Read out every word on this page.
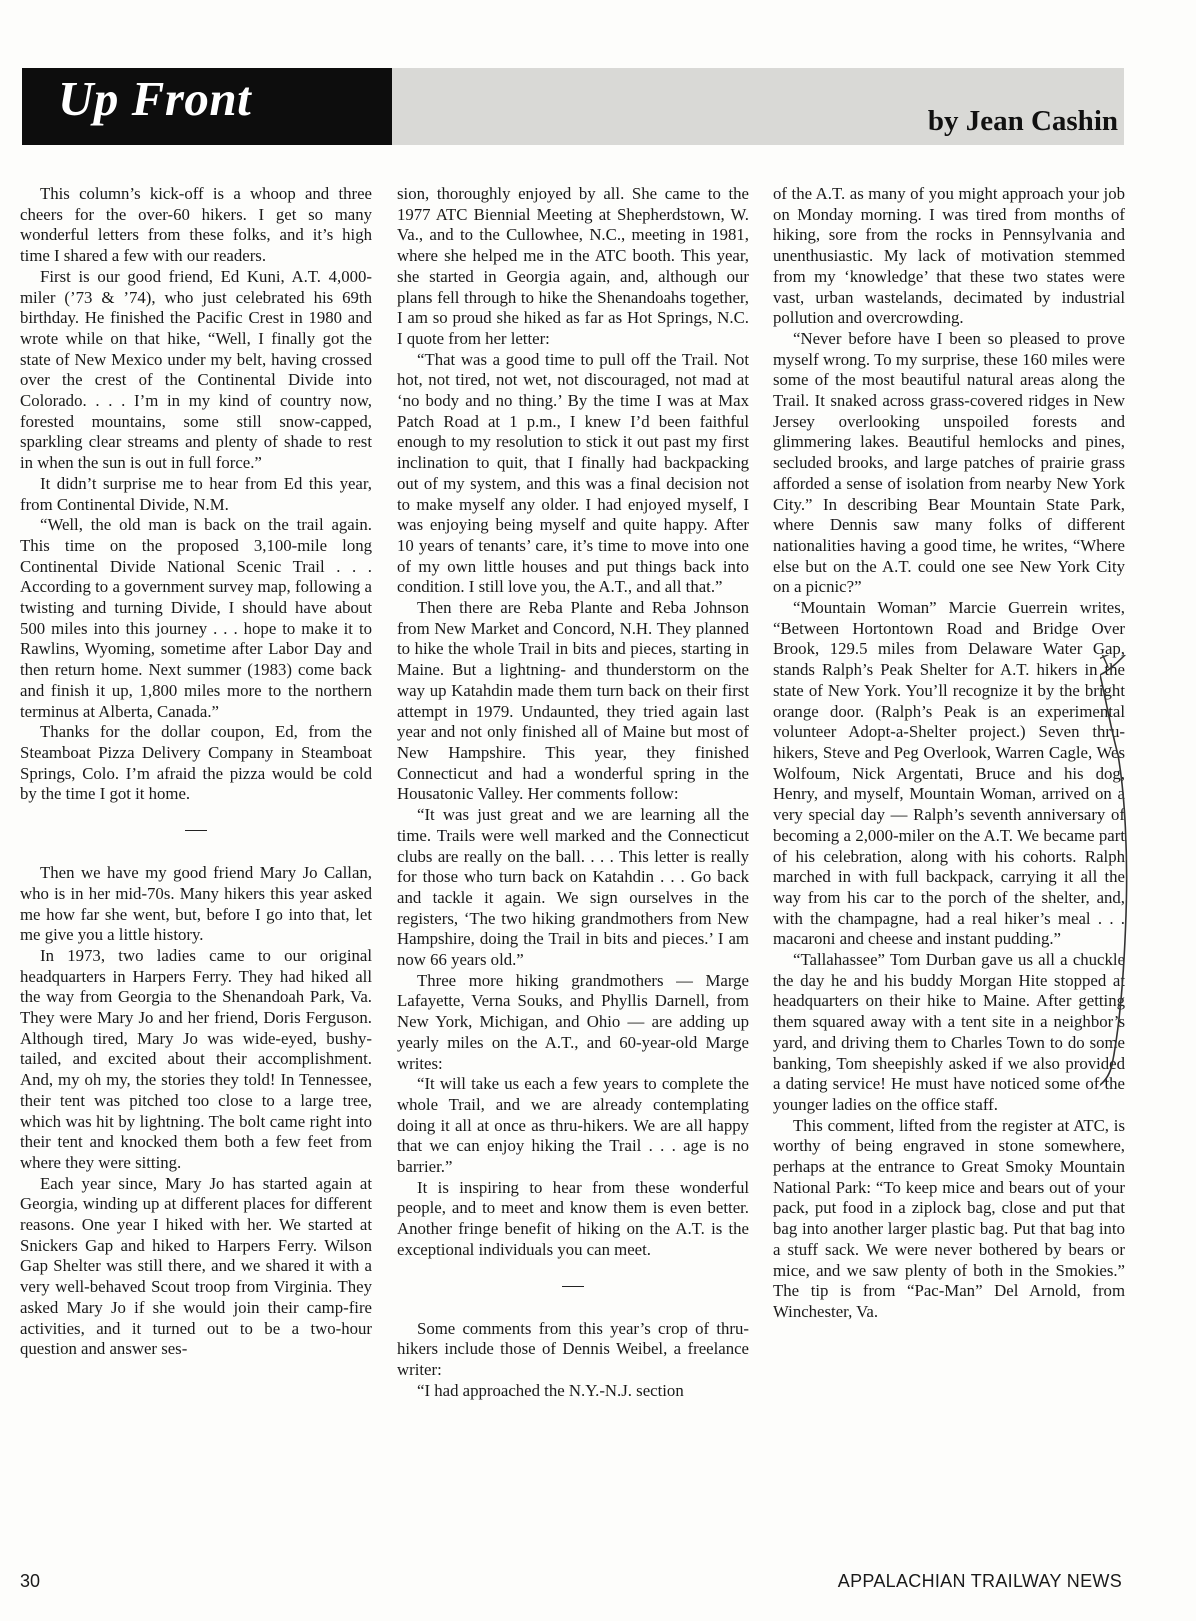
Up Front	by Jean Cashin

This column’s kick-off is a whoop and three cheers for the over-60 hikers. I get so many wonderful letters from these folks, and it’s high time I shared a few with our readers.

First is our good friend, Ed Kuni, A.T. 4,000-miler (’73 & ’74), who just celebrated his 69th birthday. He finished the Pacific Crest in 1980 and wrote while on that hike, “Well, I finally got the state of New Mexico under my belt, having crossed over the crest of the Continental Divide into Colorado. . . . I’m in my kind of country now, forested mountains, some still snow-capped, sparkling clear streams and plenty of shade to rest in when the sun is out in full force.”

It didn’t surprise me to hear from Ed this year, from Continental Divide, N.M.

“Well, the old man is back on the trail again. This time on the proposed 3,100-mile long Continental Divide National Scenic Trail . . . According to a government survey map, following a twisting and turning Divide, I should have about 500 miles into this journey . . . hope to make it to Rawlins, Wyoming, sometime after Labor Day and then return home. Next summer (1983) come back and finish it up, 1,800 miles more to the northern terminus at Alberta, Canada.”

Thanks for the dollar coupon, Ed, from the Steamboat Pizza Delivery Company in Steamboat Springs, Colo. I’m afraid the pizza would be cold by the time I got it home.

Then we have my good friend Mary Jo Callan, who is in her mid-70s. Many hikers this year asked me how far she went, but, before I go into that, let me give you a little history.

In 1973, two ladies came to our original headquarters in Harpers Ferry. They had hiked all the way from Georgia to the Shenandoah Park, Va. They were Mary Jo and her friend, Doris Ferguson. Although tired, Mary Jo was wide-eyed, bushy-tailed, and excited about their accomplishment. And, my oh my, the stories they told! In Tennessee, their tent was pitched too close to a large tree, which was hit by lightning. The bolt came right into their tent and knocked them both a few feet from where they were sitting.

Each year since, Mary Jo has started again at Georgia, winding up at different places for different reasons. One year I hiked with her. We started at Snickers Gap and hiked to Harpers Ferry. Wilson Gap Shelter was still there, and we shared it with a very well-behaved Scout troop from Virginia. They asked Mary Jo if she would join their camp-fire activities, and it turned out to be a two-hour question and answer ses-

sion, thoroughly enjoyed by all. She came to the 1977 ATC Biennial Meeting at Shepherdstown, W. Va., and to the Cullowhee, N.C., meeting in 1981, where she helped me in the ATC booth. This year, she started in Georgia again, and, although our plans fell through to hike the Shenandoahs together, I am so proud she hiked as far as Hot Springs, N.C. I quote from her letter:

“That was a good time to pull off the Trail. Not hot, not tired, not wet, not discouraged, not mad at ‘no body and no thing.’ By the time I was at Max Patch Road at 1 p.m., I knew I’d been faithful enough to my resolution to stick it out past my first inclination to quit, that I finally had backpacking out of my system, and this was a final decision not to make myself any older. I had enjoyed myself, I was enjoying being myself and quite happy. After 10 years of tenants’ care, it’s time to move into one of my own little houses and put things back into condition. I still love you, the A.T., and all that.”

Then there are Reba Plante and Reba Johnson from New Market and Concord, N.H. They planned to hike the whole Trail in bits and pieces, starting in Maine. But a lightning- and thunderstorm on the way up Katahdin made them turn back on their first attempt in 1979. Undaunted, they tried again last year and not only finished all of Maine but most of New Hampshire. This year, they finished Connecticut and had a wonderful spring in the Housatonic Valley. Her comments follow:

“It was just great and we are learning all the time. Trails were well marked and the Connecticut clubs are really on the ball. . . . This letter is really for those who turn back on Katahdin . . . Go back and tackle it again. We sign ourselves in the registers, ‘The two hiking grandmothers from New Hampshire, doing the Trail in bits and pieces.’ I am now 66 years old.”

Three more hiking grandmothers — Marge Lafayette, Verna Souks, and Phyllis Darnell, from New York, Michigan, and Ohio — are adding up yearly miles on the A.T., and 60-year-old Marge writes:

“It will take us each a few years to complete the whole Trail, and we are already contemplating doing it all at once as thru-hikers. We are all happy that we can enjoy hiking the Trail . . . age is no barrier.”

It is inspiring to hear from these wonderful people, and to meet and know them is even better. Another fringe benefit of hiking on the A.T. is the exceptional individuals you can meet.

Some comments from this year’s crop of thru-hikers include those of Dennis Weibel, a freelance writer:

“I had approached the N.Y.-N.J. section

of the A.T. as many of you might approach your job on Monday morning. I was tired from months of hiking, sore from the rocks in Pennsylvania and unenthusiastic. My lack of motivation stemmed from my ‘knowledge’ that these two states were vast, urban wastelands, decimated by industrial pollution and overcrowding.

“Never before have I been so pleased to prove myself wrong. To my surprise, these 160 miles were some of the most beautiful natural areas along the Trail. It snaked across grass-covered ridges in New Jersey overlooking unspoiled forests and glimmering lakes. Beautiful hemlocks and pines, secluded brooks, and large patches of prairie grass afforded a sense of isolation from nearby New York City.” In describing Bear Mountain State Park, where Dennis saw many folks of different nationalities having a good time, he writes, “Where else but on the A.T. could one see New York City on a picnic?”

“Mountain Woman” Marcie Guerrein writes, “Between Hortontown Road and Bridge Over Brook, 129.5 miles from Delaware Water Gap, stands Ralph’s Peak Shelter for A.T. hikers in the state of New York. You’ll recognize it by the bright orange door. (Ralph’s Peak is an experimental volunteer Adopt-a-Shelter project.) Seven thru-hikers, Steve and Peg Overlook, Warren Cagle, Wes Wolfoum, Nick Argentati, Bruce and his dog, Henry, and myself, Mountain Woman, arrived on a very special day — Ralph’s seventh anniversary of becoming a 2,000-miler on the A.T. We became part of his celebration, along with his cohorts. Ralph marched in with full backpack, carrying it all the way from his car to the porch of the shelter, and, with the champagne, had a real hiker’s meal . . . macaroni and cheese and instant pudding.”

“Tallahassee” Tom Durban gave us all a chuckle the day he and his buddy Morgan Hite stopped at headquarters on their hike to Maine. After getting them squared away with a tent site in a neighbor’s yard, and driving them to Charles Town to do some banking, Tom sheepishly asked if we also provided a dating service! He must have noticed some of the younger ladies on the office staff.

This comment, lifted from the register at ATC, is worthy of being engraved in stone somewhere, perhaps at the entrance to Great Smoky Mountain National Park: “To keep mice and bears out of your pack, put food in a ziplock bag, close and put that bag into another larger plastic bag. Put that bag into a stuff sack. We were never bothered by bears or mice, and we saw plenty of both in the Smokies.” The tip is from “Pac-Man” Del Arnold, from Winchester, Va.

30	APPALACHIAN TRAILWAY NEWS
